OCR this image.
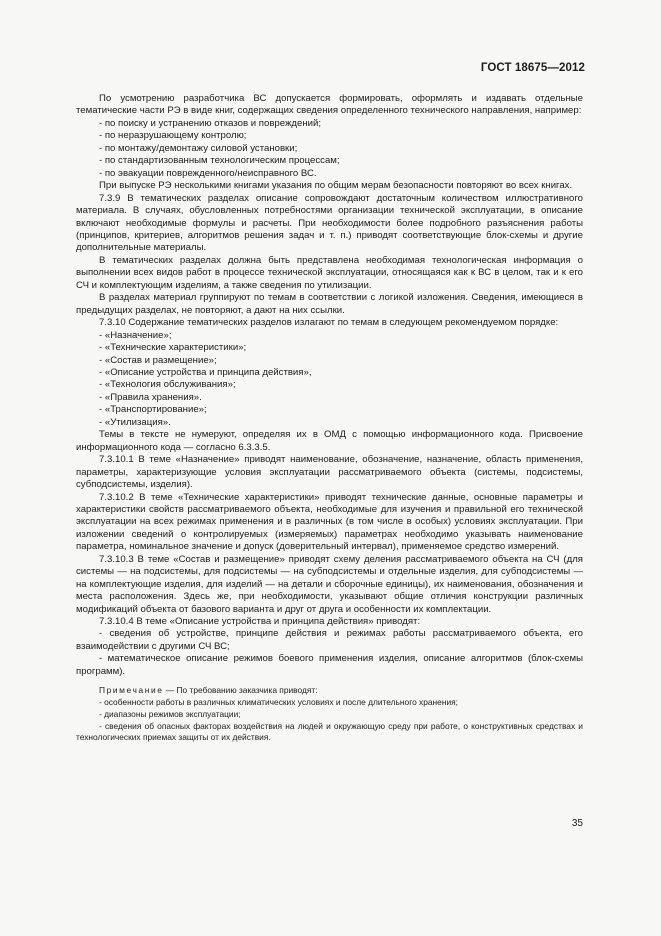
ГОСТ 18675—2012

По усмотрению разработчика ВС допускается формировать, оформлять и издавать отдельные тематические части РЭ в виде книг, содержащих сведения определенного технического направления, например:

- по поиску и устранению отказов и повреждений;

- по неразрушающему контролю;

- по монтажу/демонтажу силовой установки;

- по стандартизованным технологическим процессам;

- по эвакуации поврежденного/неисправного ВС.

При выпуске РЭ несколькими книгами указания по общим мерам безопасности повторяют во всех книгах.

7.3.9 В тематических разделах описание сопровождают достаточным количеством иллюстративного материала. В случаях, обусловленных потребностями организации технической эксплуатации, в описание включают необходимые формулы и расчеты. При необходимости более подробного разъяснения работы (принципов, критериев, алгоритмов решения задач и т. п.) приводят соответствующие блок-схемы и другие дополнительные материалы.

В тематических разделах должна быть представлена необходимая технологическая информация о выполнении всех видов работ в процессе технической эксплуатации, относящаяся как к ВС в целом, так и к его СЧ и комплектующим изделиям, а также сведения по утилизации.

В разделах материал группируют по темам в соответствии с логикой изложения. Сведения, имеющиеся в предыдущих разделах, не повторяют, а дают на них ссылки.

7.3.10 Содержание тематических разделов излагают по темам в следующем рекомендуемом порядке:

- «Назначение»;

- «Технические характеристики»;

- «Состав и размещение»;

- «Описание устройства и принципа действия»,

- «Технология обслуживания»;

- «Правила хранения».

- «Транспортирование»;

- «Утилизация».

Темы в тексте не нумеруют, определяя их в ОМД с помощью информационного кода. Присвоение информационного кода — согласно 6.3.3.5.

7.3.10.1 В теме «Назначение» приводят наименование, обозначение, назначение, область применения, параметры, характеризующие условия эксплуатации рассматриваемого объекта (системы, подсистемы, субподсистемы, изделия).

7.3.10.2 В теме «Технические характеристики» приводят технические данные, основные параметры и характеристики свойств рассматриваемого объекта, необходимые для изучения и правильной его технической эксплуатации на всех режимах применения и в различных (в том числе в особых) условиях эксплуатации. При изложении сведений о контролируемых (измеряемых) параметрах необходимо указывать наименование параметра, номинальное значение и допуск (доверительный интервал), применяемое средство измерений.

7.3.10.3 В теме «Состав и размещение» приводят схему деления рассматриваемого объекта на СЧ (для системы — на подсистемы, для подсистемы — на субподсистемы и отдельные изделия, для субподсистемы — на комплектующие изделия, для изделий — на детали и сборочные единицы), их наименования, обозначения и места расположения. Здесь же, при необходимости, указывают общие отличия конструкции различных модификаций объекта от базового варианта и друг от друга и особенности их комплектации.

7.3.10.4 В теме «Описание устройства и принципа действия» приводят:

- сведения об устройстве, принципе действия и режимах работы рассматриваемого объекта, его взаимодействии с другими СЧ ВС;

- математическое описание режимов боевого применения изделия, описание алгоритмов (блок-схемы программ).

Примечание — По требованию заказчика приводят:

- особенности работы в различных климатических условиях и после длительного хранения;

- диапазоны режимов эксплуатации;

- сведения об опасных факторах воздействия на людей и окружающую среду при работе, о конструктивных средствах и технологических приемах защиты от их действия.

35
